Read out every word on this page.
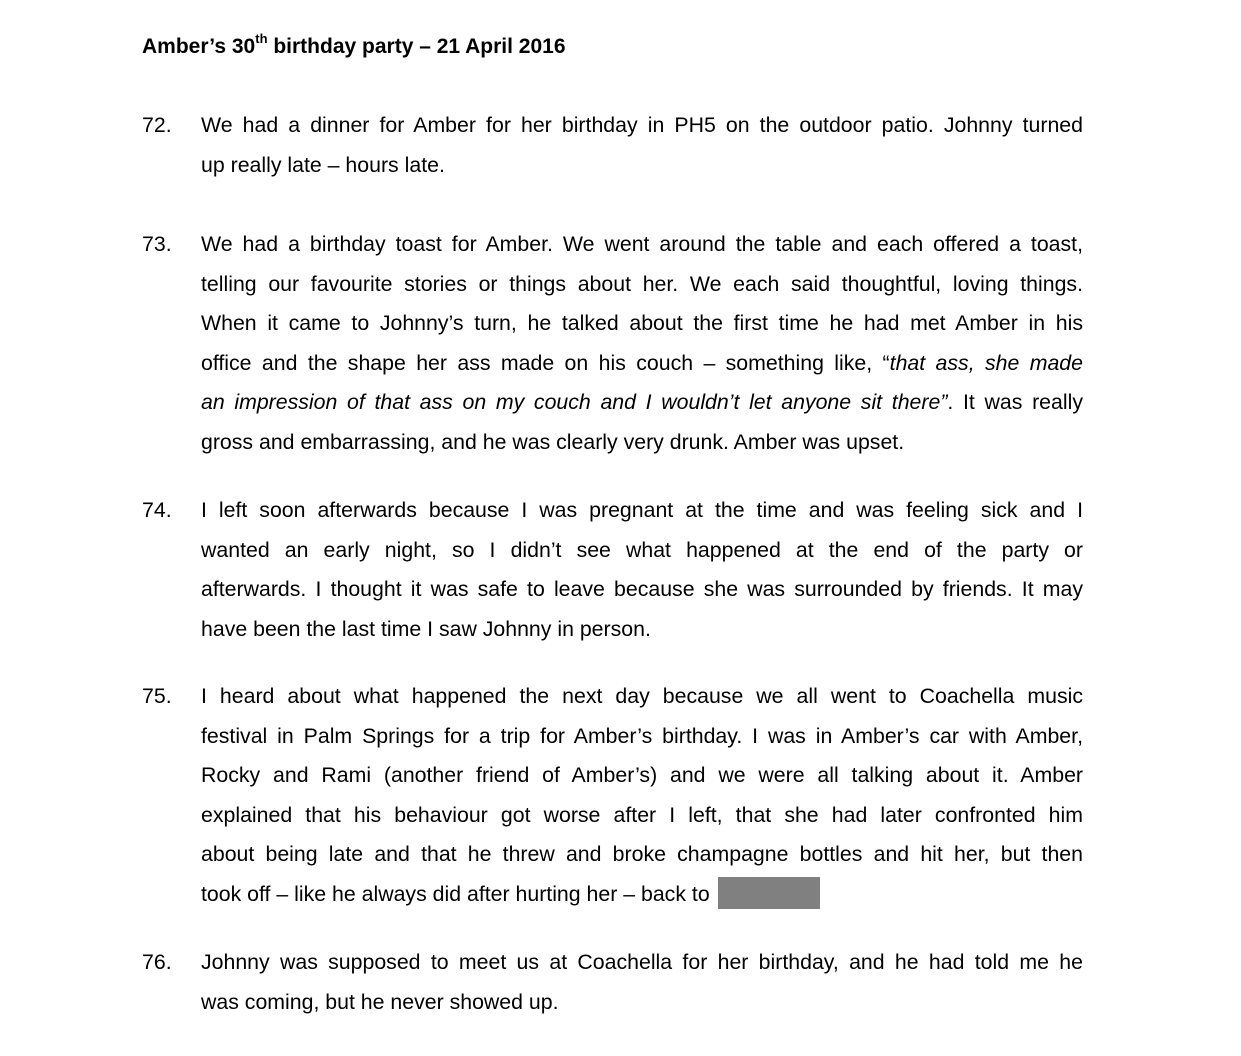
Amber’s 30th birthday party – 21 April 2016
72.	We had a dinner for Amber for her birthday in PH5 on the outdoor patio. Johnny turned
up really late – hours late.
73.	We had a birthday toast for Amber. We went around the table and each offered a toast,
telling our favourite stories or things about her. We each said thoughtful, loving things.
When it came to Johnny’s turn, he talked about the first time he had met Amber in his
office and the shape her ass made on his couch – something like, “that ass, she made
an impression of that ass on my couch and I wouldn’t let anyone sit there”. It was really
gross and embarrassing, and he was clearly very drunk. Amber was upset.
74.	I left soon afterwards because I was pregnant at the time and was feeling sick and I
wanted an early night, so I didn’t see what happened at the end of the party or
afterwards. I thought it was safe to leave because she was surrounded by friends. It may
have been the last time I saw Johnny in person.
75.	I heard about what happened the next day because we all went to Coachella music
festival in Palm Springs for a trip for Amber’s birthday. I was in Amber’s car with Amber,
Rocky and Rami (another friend of Amber’s) and we were all talking about it. Amber
explained that his behaviour got worse after I left, that she had later confronted him
about being late and that he threw and broke champagne bottles and hit her, but then
took off – like he always did after hurting her – back to
76.	Johnny was supposed to meet us at Coachella for her birthday, and he had told me he
was coming, but he never showed up.
